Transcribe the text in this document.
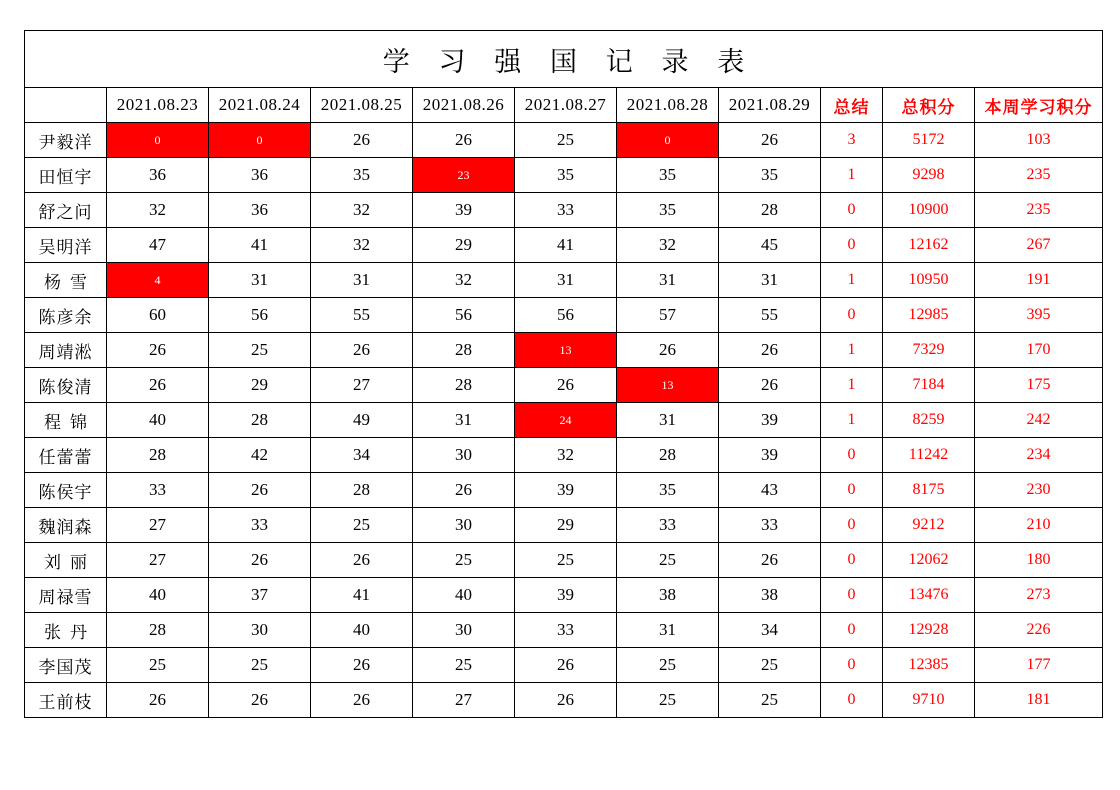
学 习 强 国 记 录 表										
	2021.08.23	2021.08.24	2021.08.25	2021.08.26	2021.08.27	2021.08.28	2021.08.29	总结	总积分	本周学习积分
尹毅洋	0	0	26	26	25	0	26	3	5172	103
田恒宇	36	36	35	23	35	35	35	1	9298	235
舒之问	32	36	32	39	33	35	28	0	10900	235
吴明洋	47	41	32	29	41	32	45	0	12162	267
杨雪	4	31	31	32	31	31	31	1	10950	191
陈彦余	60	56	55	56	56	57	55	0	12985	395
周靖淞	26	25	26	28	13	26	26	1	7329	170
陈俊清	26	29	27	28	26	13	26	1	7184	175
程锦	40	28	49	31	24	31	39	1	8259	242
任蕾蕾	28	42	34	30	32	28	39	0	11242	234
陈侯宇	33	26	28	26	39	35	43	0	8175	230
魏润森	27	33	25	30	29	33	33	0	9212	210
刘丽	27	26	26	25	25	25	26	0	12062	180
周禄雪	40	37	41	40	39	38	38	0	13476	273
张丹	28	30	40	30	33	31	34	0	12928	226
李国茂	25	25	26	25	26	25	25	0	12385	177
王前枝	26	26	26	27	26	25	25	0	9710	181
